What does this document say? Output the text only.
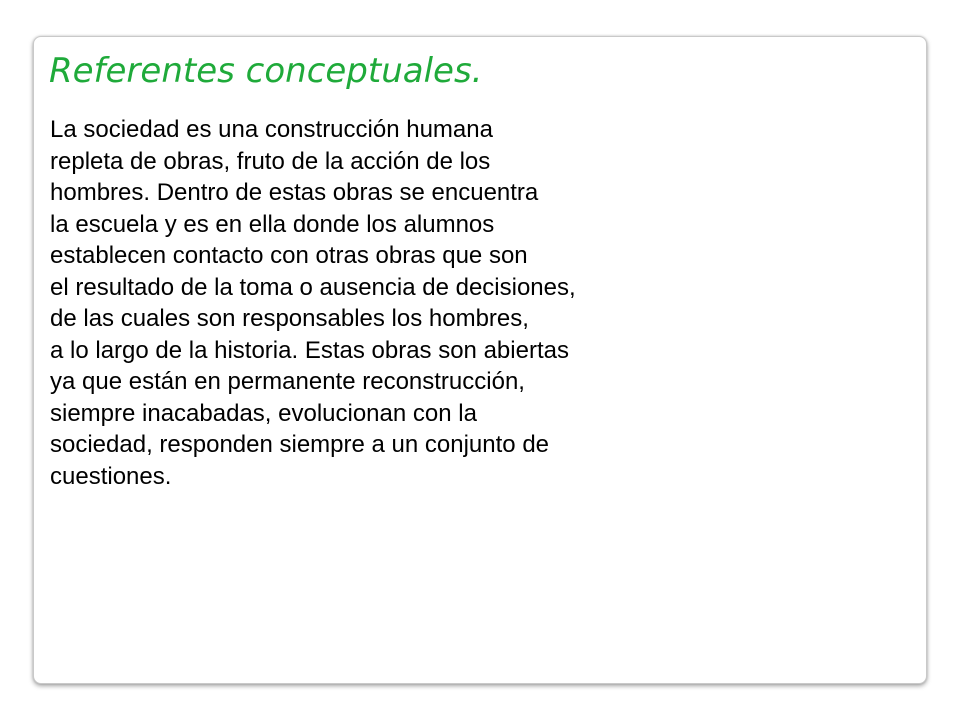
Referentes conceptuales.

La sociedad es una construcción humana
repleta de obras, fruto de la acción de los
hombres. Dentro de estas obras se encuentra
la escuela y es en ella donde los alumnos
establecen contacto con otras obras que son
el resultado de la toma o ausencia de decisiones,
de las cuales son responsables los hombres,
a lo largo de la historia. Estas obras son abiertas
ya que están en permanente reconstrucción,
siempre inacabadas, evolucionan con la
sociedad, responden siempre a un conjunto de
cuestiones.
